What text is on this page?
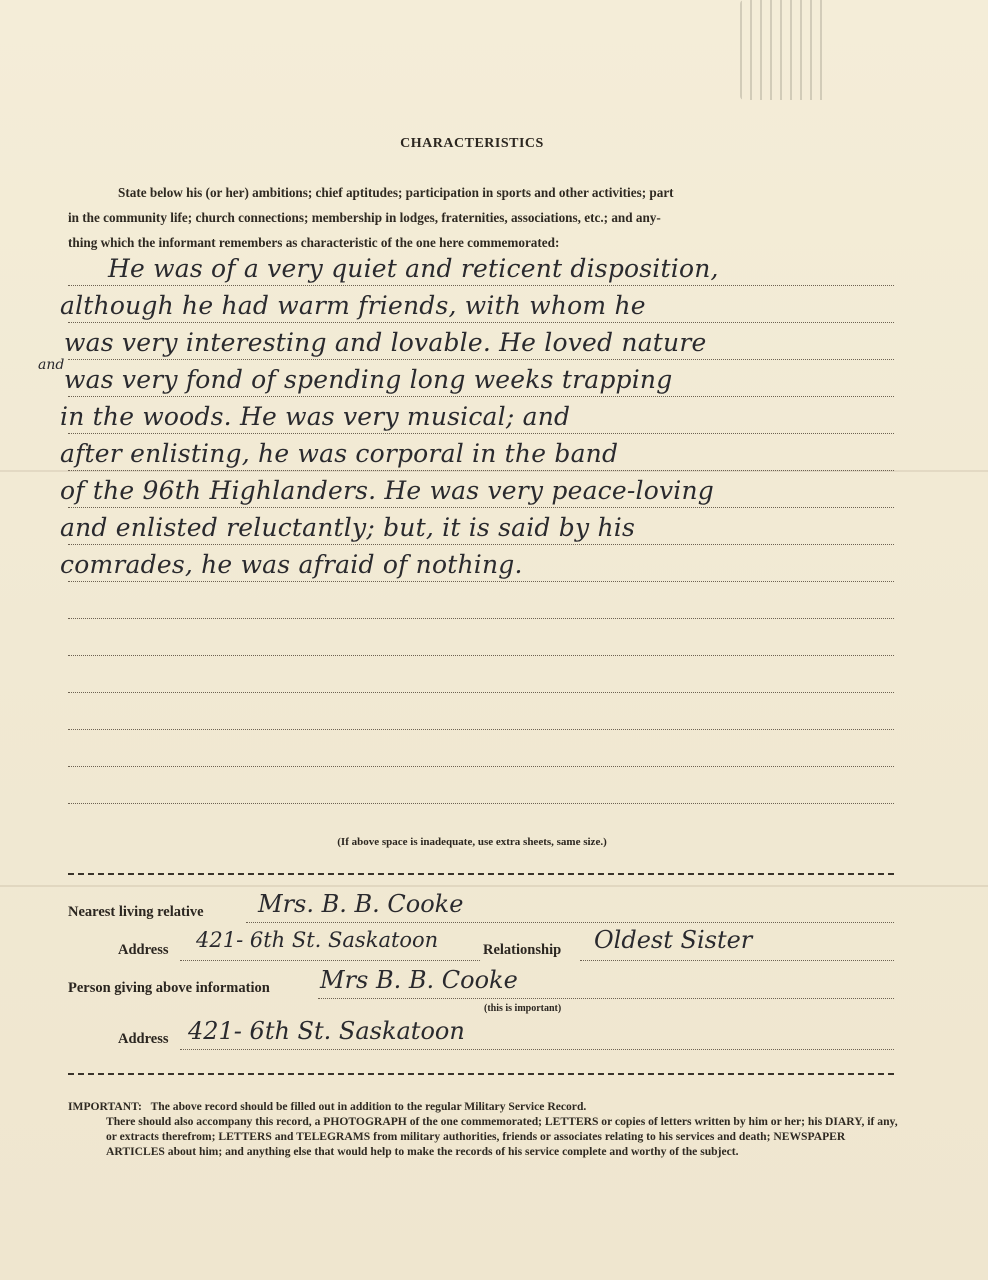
CHARACTERISTICS
State below his (or her) ambitions; chief aptitudes; participation in sports and other activities; part
in the community life; church connections; membership in lodges, fraternities, associations, etc.; and any-
thing which the informant remembers as characteristic of the one here commemorated:
He was of a very quiet and reticent disposition,
although he had warm friends, with whom he
was very interesting and lovable. He loved nature
and was very fond of spending long weeks trapping
in the woods. He was very musical; and
after enlisting, he was corporal in the band
of the 96th Highlanders. He was very peace-loving
and enlisted reluctantly; but, it is said by his
comrades, he was afraid of nothing.
(If above space is inadequate, use extra sheets, same size.)
Nearest living relative Mrs. B. B. Cooke
Address 421- 6th St. Saskatoon	Relationship Oldest Sister
Person giving above information Mrs B. B. Cooke
(this is important)
Address 421- 6th St. Saskatoon
IMPORTANT: The above record should be filled out in addition to the regular Military Service Record.
There should also accompany this record, a PHOTOGRAPH of the one commemorated; LETTERS or copies of letters written by him or her; his DIARY, if any, or extracts therefrom; LETTERS and TELEGRAMS from military authorities, friends or associates relating to his services and death; NEWSPAPER ARTICLES about him; and anything else that would help to make the records of his service complete and worthy of the subject.
